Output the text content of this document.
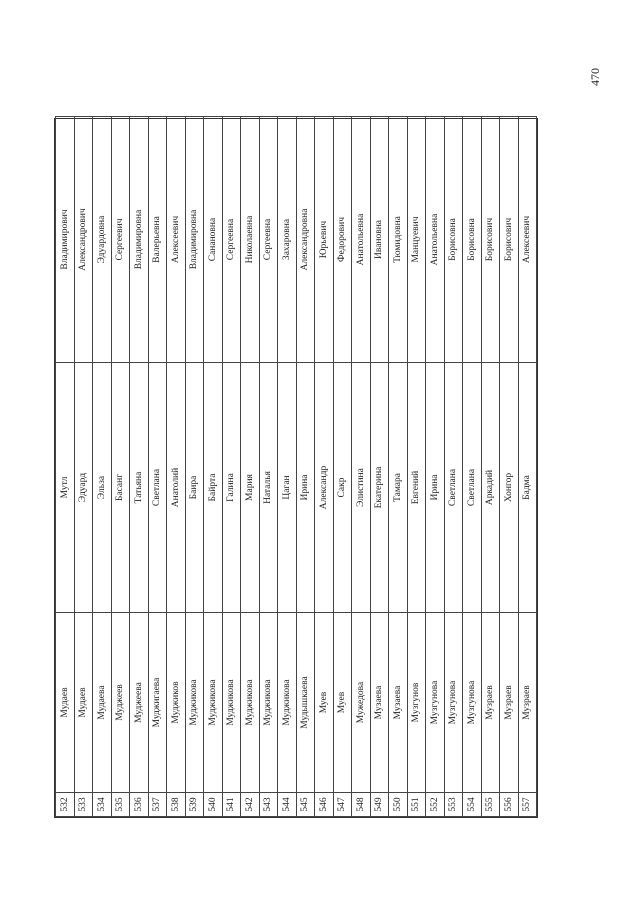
470
532	Мудаев	Мутл	Владимирович
533	Мудаев	Эдуард	Александрович
534	Мудаева	Эльза	Эдуардовна
535	Муджеев	Басанг	Сергеевич
536	Муджеева	Татьяна	Владимировна
537	Муджигаева	Светлана	Валерьевна
538	Муджиков	Анатолий	Алексеевич
539	Муджикова	Баира	Владимировна
540	Муджикова	Байрта	Санановна
541	Муджикова	Галина	Сергеевна
542	Муджикова	Мария	Николаевна
543	Муджикова	Наталья	Сергеевна
544	Муджикова	Цаган	Захаровна
545	Мудышкаева	Ирина	Александровна
546	Муев	Александр	Юрьевич
547	Муев	Сакр	Федорович
548	Мужедова	Элистина	Анатольевна
549	Музаева	Екатерина	Ивановна
550	Музаева	Тамара	Тюмидовна
551	Музгунов	Евгений	Манцуевич
552	Музгунова	Ирина	Анатольевна
553	Музгунова	Светлана	Борисовна
554	Музгунова	Светлана	Борисовна
555	Музраев	Аркадий	Борисович
556	Музраев	Хонгор	Борисович
557	Музраев	Бадма	Алексеевич
